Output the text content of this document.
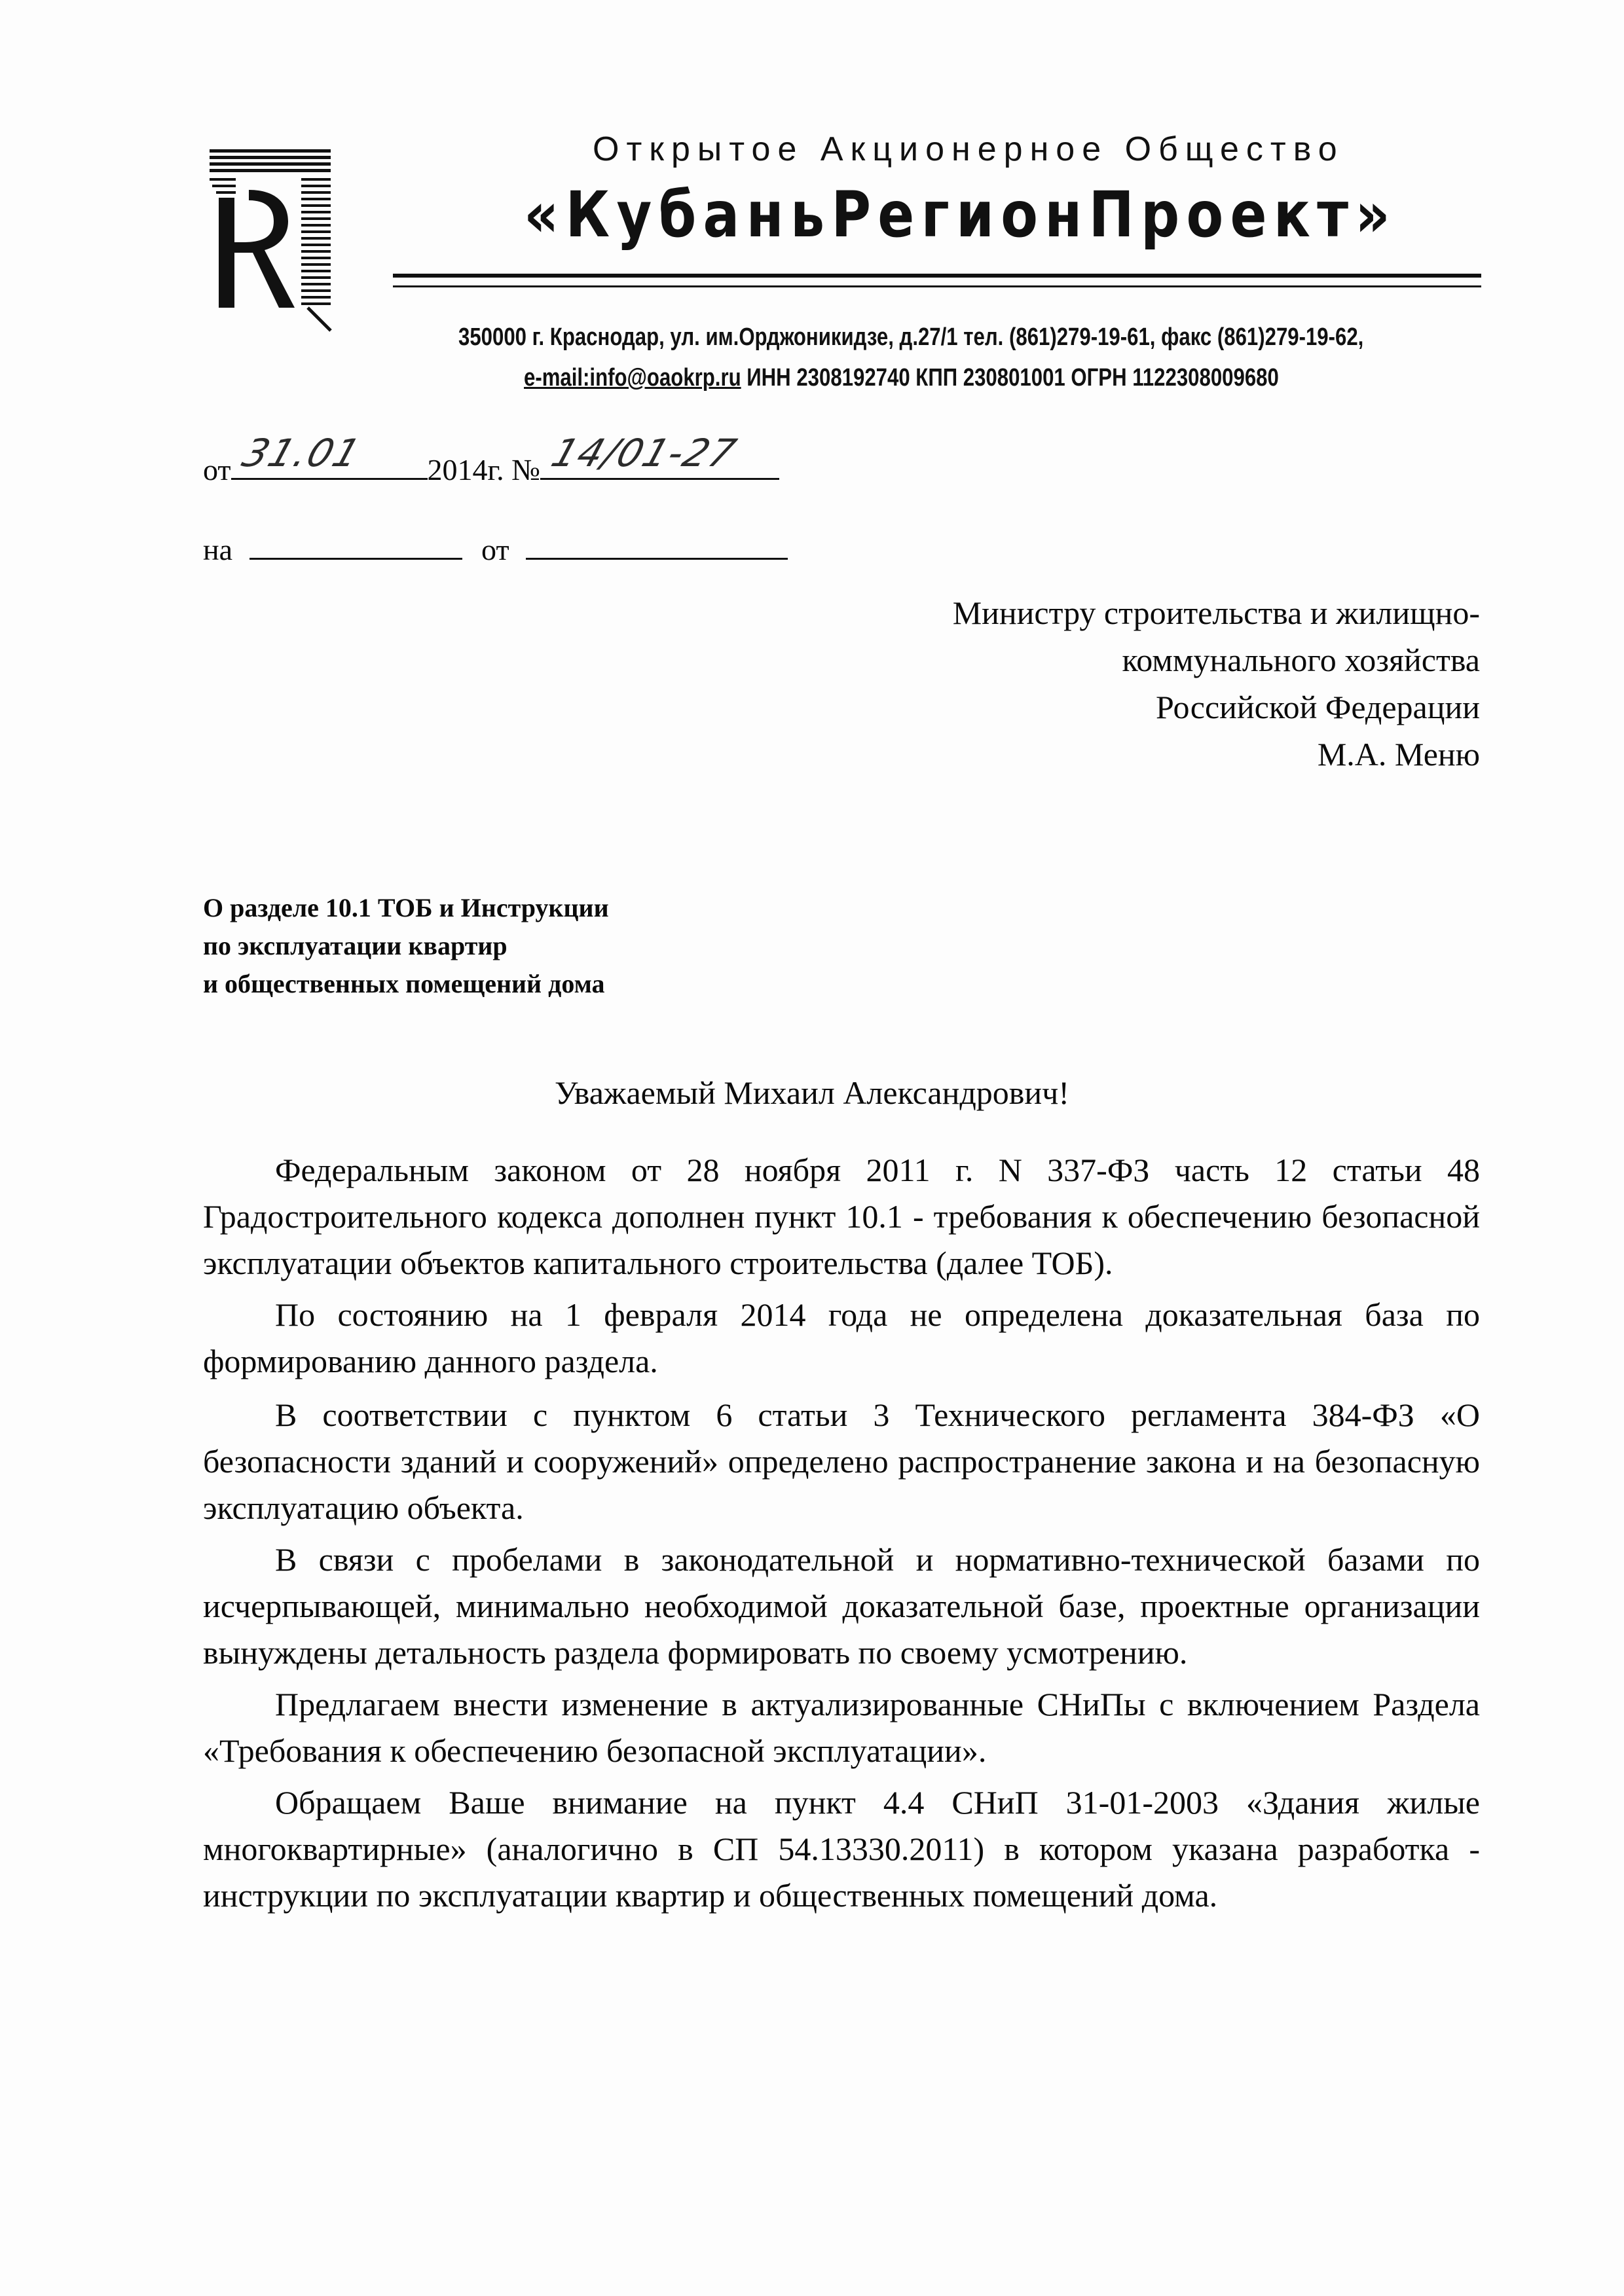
Открытое Акционерное Общество
«КубаньРегионПроект»
350000 г. Краснодар, ул. им.Орджоникидзе, д.27/1 тел. (861)279-19-61, факс (861)279-19-62,
e-mail:info@oaokrp.ru ИНН 2308192740 КПП 230801001 ОГРН 1122308009680
от 31.01 2014г. № 14/01-27
на	от
Министру строительства и жилищно-
коммунального хозяйства
Российской Федерации
М.А. Меню
О разделе 10.1 ТОБ и Инструкции
по эксплуатации квартир
и общественных помещений дома
Уважаемый Михаил Александрович!

Федеральным законом от 28 ноября 2011 г. N 337-ФЗ часть 12 статьи 48 Градостроительного кодекса дополнен пункт 10.1 - требования к обеспечению безопасной эксплуатации объектов капитального строительства (далее ТОБ).

По состоянию на 1 февраля 2014 года не определена доказательная база по формированию данного раздела.

В соответствии с пунктом 6 статьи 3 Технического регламента 384-ФЗ «О безопасности зданий и сооружений» определено распространение закона и на безопасную эксплуатацию объекта.

В связи с пробелами в законодательной и нормативно-технической базами по исчерпывающей, минимально необходимой доказательной базе, проектные организации вынуждены детальность раздела формировать по своему усмотрению.

Предлагаем внести изменение в актуализированные СНиПы с включением Раздела «Требования к обеспечению безопасной эксплуатации».

Обращаем Ваше внимание на пункт 4.4 СНиП 31-01-2003 «Здания жилые многоквартирные» (аналогично в СП 54.13330.2011) в котором указана разработка - инструкции по эксплуатации квартир и общественных помещений дома.
